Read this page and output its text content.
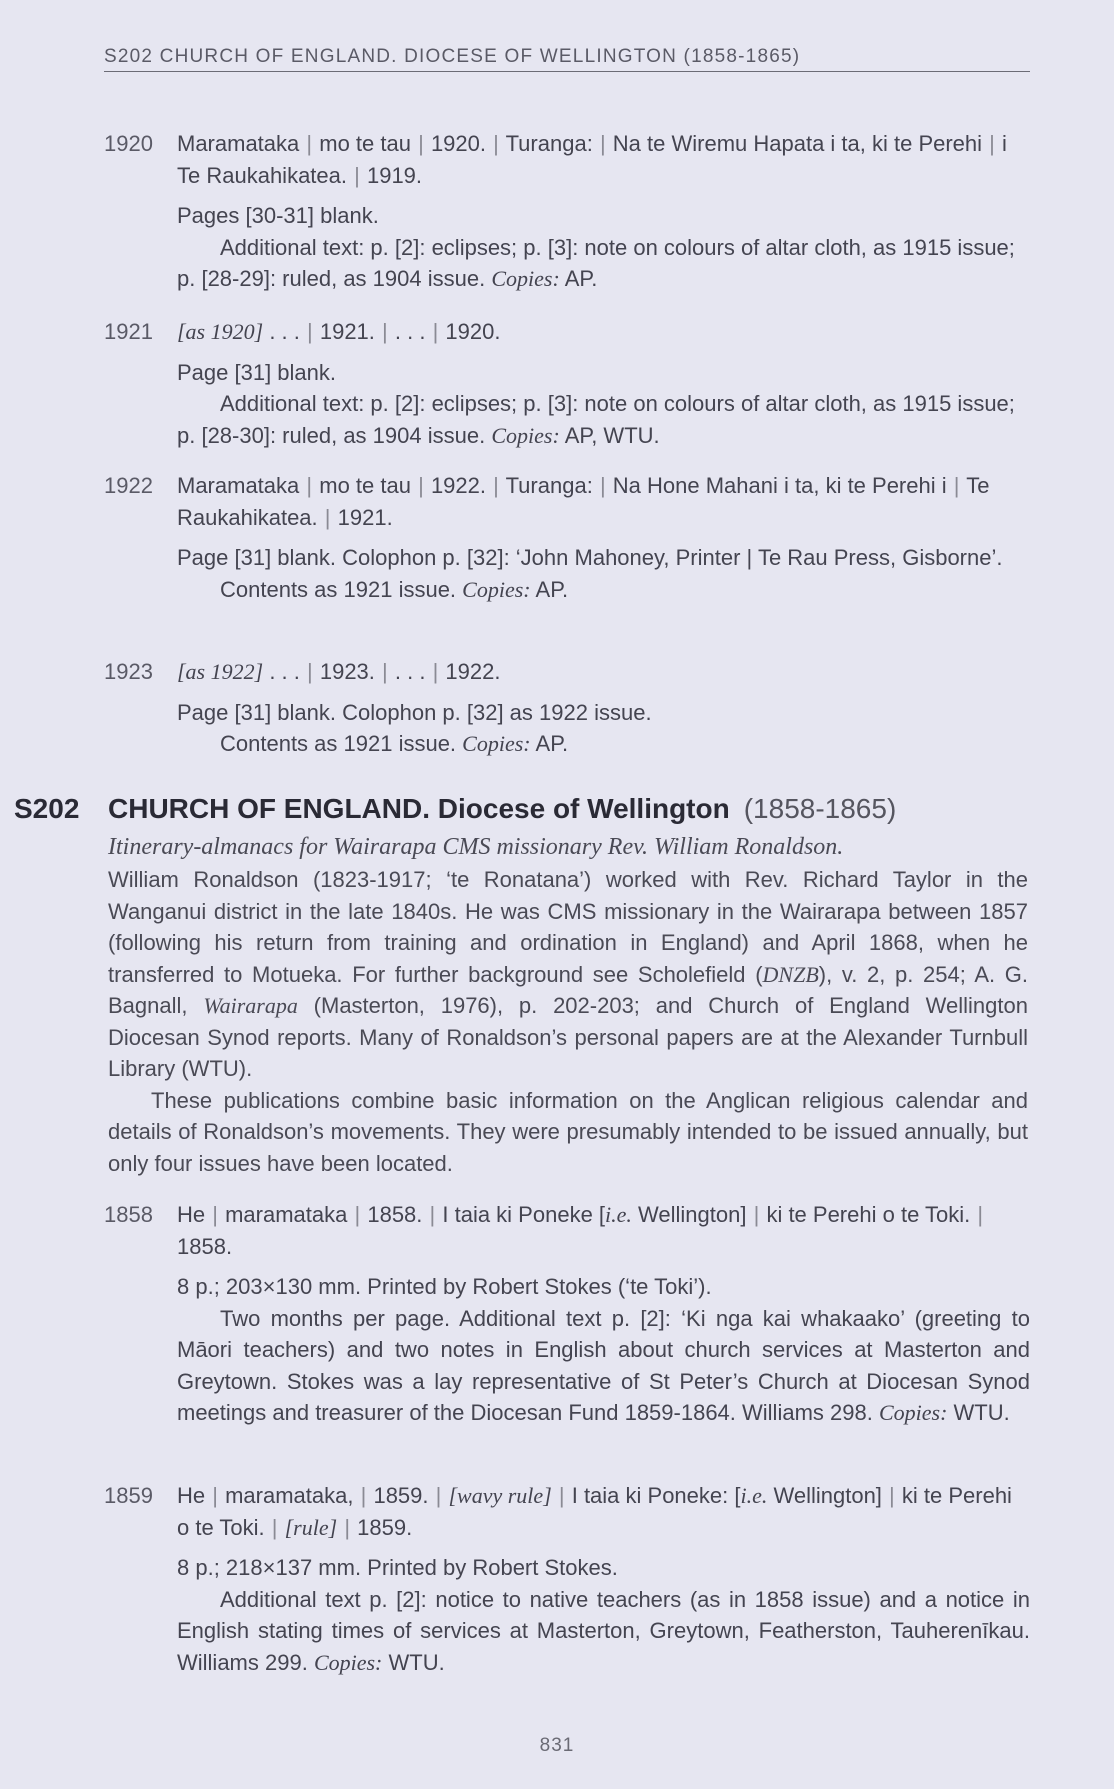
S202 CHURCH OF ENGLAND. DIOCESE OF WELLINGTON (1858-1865)
1920	Maramataka | mo te tau | 1920. | Turanga: | Na te Wiremu Hapata i ta, ki te Perehi | i Te Raukahikatea. | 1919.

Pages [30-31] blank.

Additional text: p. [2]: eclipses; p. [3]: note on colours of altar cloth, as 1915 issue; p. [28-29]: ruled, as 1904 issue. Copies: AP.

1921	[as 1920] . . . | 1921. | . . . | 1920.

Page [31] blank.

Additional text: p. [2]: eclipses; p. [3]: note on colours of altar cloth, as 1915 issue; p. [28-30]: ruled, as 1904 issue. Copies: AP, WTU.

1922	Maramataka | mo te tau | 1922. | Turanga: | Na Hone Mahani i ta, ki te Perehi i | Te Raukahikatea. | 1921.

Page [31] blank. Colophon p. [32]: ‘John Mahoney, Printer | Te Rau Press, Gisborne’.

Contents as 1921 issue. Copies: AP.

1923	[as 1922] . . . | 1923. | . . . | 1922.

Page [31] blank. Colophon p. [32] as 1922 issue.

Contents as 1921 issue. Copies: AP.

S202 CHURCH OF ENGLAND. Diocese of Wellington (1858-1865)
Itinerary-almanacs for Wairarapa CMS missionary Rev. William Ronaldson.

William Ronaldson (1823-1917; ‘te Ronatana’) worked with Rev. Richard Taylor in the Wanganui district in the late 1840s. He was CMS missionary in the Wairarapa between 1857 (following his return from training and ordination in England) and April 1868, when he transferred to Motueka. For further background see Scholefield (DNZB), v. 2, p. 254; A. G. Bagnall, Wairarapa (Masterton, 1976), p. 202-203; and Church of England Wellington Diocesan Synod reports. Many of Ronaldson’s personal papers are at the Alexander Turnbull Library (WTU).

These publications combine basic information on the Anglican religious calendar and details of Ronaldson’s movements. They were presumably intended to be issued annually, but only four issues have been located.

1858	He | maramataka | 1858. | I taia ki Poneke [i.e. Wellington] | ki te Perehi o te Toki. | 1858.

8 p.; 203×130 mm. Printed by Robert Stokes (‘te Toki’).

Two months per page. Additional text p. [2]: ‘Ki nga kai whakaako’ (greeting to Māori teachers) and two notes in English about church services at Masterton and Greytown. Stokes was a lay representative of St Peter’s Church at Diocesan Synod meetings and treasurer of the Diocesan Fund 1859-1864. Williams 298. Copies: WTU.

1859	He | maramataka, | 1859. | [wavy rule] | I taia ki Poneke: [i.e. Wellington] | ki te Perehi o te Toki. | [rule] | 1859.

8 p.; 218×137 mm. Printed by Robert Stokes.

Additional text p. [2]: notice to native teachers (as in 1858 issue) and a notice in English stating times of services at Masterton, Greytown, Featherston, Tauherenīkau. Williams 299. Copies: WTU.

831
